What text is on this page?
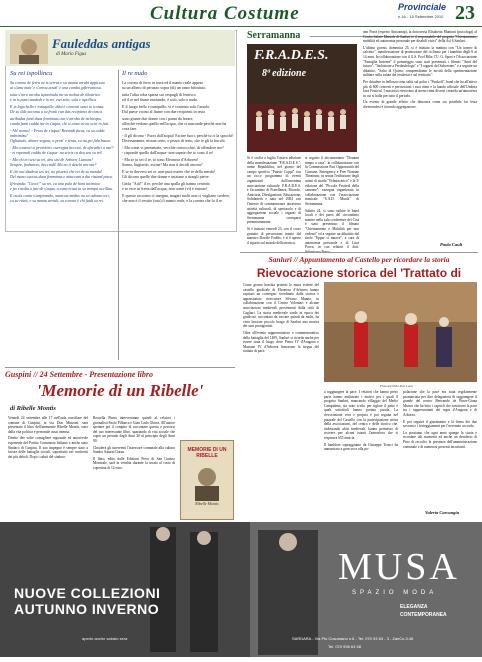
Cultura Costume	Provinciale
n.16 - 15 Settembre 2010 23
Fauleddas antigas
di Mario Figus
Su rei ispollincu	Il re nudo
Sa corona de ferru ne is serras e su mantu arrabi appiccau
ai s'umu matt' e s'arrou acudi' e una cumba gifiervanosu.
totta s'arra arrobu ispanitudu me su mobas de illastrieu
e in is pumi saudedi e in rei, esti solu, solu e ispollicu.
E in logu bella e tranquilla, ddui è contenti sezzi in iconza.
De su ilda accomu a su fronti cun das recipienti de conca
atribudas funti duas femminas cun s'arroba de ischirapu,
cundu funti cudda me in s'aqua, chi si ciuat cu na scirt in futi.
- Ah! nonno! - Feras de s'aqua! Bessindi furas, cu sa calda imbrimizu!
Ogliaindo, abiare segura, a prezi' e tenta, cu nu gei fidu bucas.
- Ma contenti si permittiri, cuevegas becciai, de aferadiri a mei?
- ei repeandi cuddu de s'aqua- nu sciris ca deu seu su rei!
- Ma chi tei sesi su rei, deu seu de Arborei Lianora!
Sempre, frabanciu, beccindi! Ma no ti deschi ancora?
E chi nui diadesa ses rei, no pistessi che rei de su mundu!
Del mano cuccus duas femminas e attaccant a dui ristand piscu.
Ifrivandu: "Gecci!" su rei, cu una pala dè bant turimiau
e po s'ardia a fari de s'aqua, u cuna ecaut in sa trompa uccillau.
E cuola contu s'ampirando, mancosi medus nu ca odiana crei,
ca su riùrà, e su mantu arriali, sa corona è chi faidi su rei.
La corona di ferro in terra ed il manto reale appeso
su un albero di peruzzo sopra (di) un ramo bifostuto.
tutta l'altra roba sparsa sui cespugli di lentisco
ed il re nel fiume nuotando, è solo, solo e nudo.
E il luogo bello e tranquillo, vi è contento solo l'assolo.
Dal paese vicino al fiume con due recipienti in testa
sono giunte due donne con i panni da lavare,
allorchè vedono quello nell'acqua, che si nasconde perchè non ha cosa fare.
- Il gli dicono - Fuori dall'acqua! Escine fuori, perchè tu ci la spacchi!
Diversamente, nissun certo, o pezzo di testo, che te gli la bucchi.
- Ma come vi permettete, vecchie convocchie, di offendere me?
- rispondè quello dall'acqua- non sapete che io sono il re!
- Ma se tu sei il re, io sono Eleonora d'Arborea!
Sonno, bugiardo, escine! Ma non ti decidi ancora?
E se tu davvero sei re, non puoi essere che re della merda!
Gli dicono quelle due donne e iniziano a tirargli pietre.
Grida "Aiii!" il re, perchè una spalla gli hanno centrato
e se esce in fretta dall'acqua, non come (vi) è entrato!
E questo racconto ci insegna, magari molti non ci vogliano credere,
che non è il vestito (suo) il manto reale, e la corona che fa il re.
Serramanna
F.R.A.D.E.S.
8ª edizione

Si è svolta a luglio l'ottava edizione della manifestazione "F.R.A.D.E.S.", nome Repubblica, nel giorno del campo sportivo "Fausto Coppi" con un ricco programma di eventi organizzati dall'omonima associazione culturale. F.R.A.D.E.S. è l'acronimo di Fratellanza, Ricordo, Amicizia, Divulgazione, Educazione, Solidarietà e nata nel 2004 con l'intento di commemorare attraverso attività culturali, di spettacolo e di aggregazione sociale i ragazzi di Serramanna scomparsi prematuramente.

Si è iniziato venerdì 23, con il corso gratuito di percussioni tenuto dal maestro Davide Foddis, e si è aperto il sipario sul mondo della musica.

si seguito il documentario "Donami tempo a casa", in collaborazione con la Commissione Pari Opportunità del Comune, Emergency e Free Nomine Theatrum; in serata l'esibizione degli artisti di strada "Velmiacarico" e la 3ª edizione del "Piccolo Festival della canzone", rassegna organizzata in collaborazione con l'associazione musicale "S.A.D. Musik" di Serramanna.

Sabato 24, si sono esibite le band locali e dei paesi del circondario mentre nella sala conferenze del Cisa è stato presentato il filmato "Orientamento e Mobilità per non vedenti" ed a seguire un dibattito dal titolo "Eppur si muove", a cura di autonomia personale e di Luca Porcu, in con relatori il dott.

ano Porrà (esperto Anisomap), la dottoressa Elisabetta Muntoni (psicologa) al Centro Salute Mentale di Sanluri) e il responsabile del progetto "Orientamento, mobilità ed autonomia personale per disabili visivi" della Asl 6 Sanluri.

L'ultimo giorno, domenica 25, si è iniziato la mattina con "Un torneo di calcetto", manifestazione di promozione del ciclismo per i bambini degli 6 ai 14 anni. In collaborazione con il G.S. Pool Bike, l'U. G. Sport e l'Associazione "Famiglia Insieme" il pomeriggio sono stati presentati, i filmati "Anni del futuro", "Inclusione a Perdasdefogu" e "I ragazzi del Saboronec" e a seguire un dibattito, "Salto di Quirra: comprendiamo le novità della sperimentazione militare sulla salute dei residenti e sul territorio".

Per chiudere in bellezza sono saliti sul palco i "Funkoff", band che ha all'attivo più di 600 concerti e percussioni i suoi ritmi e la banda ufficiale dell'Umbria Jazz Festival. I musicisti rievocano al meno ritmi diversi creando un'atmosfera in cui si balla per tutto il periodo.

Un evento di grande effetto che dimostra come sia possibile far festa divertendosi e facendo aggregazione.

Paola Cauli
Sanluri // Appuntamento al Castello per ricordare la storia
Rievocazione storica del 'Trattato di

Come giorno brachia protesti le mura esterne del castello giudicale di Eleonora d'Arborea hanno ospitato un convegno coordinato dalla storica e appassionato ricercatore Silvano Manno, in collaborazione con il Centro Volontari e alcune associazioni medievali provenienti dalla città di Cagliari. La storia medievale sardo in epoca dei giudicati, raccontata da toccare quindi da molti, ha visto lasciare piccolo borgo di Sanluri una mostra dei suoi protagonisti.

Oltre all'evento rappresentativo e commemorativo della battaglia del 1409, Sanluri si ricorda anche per essere stata il luogo dove Pietro IV d'Aragona e Mariano IV d'Arborea firmarono la tregua del trattato di pace.

Foto archivio Pro Loco

a raggiungere la pace. I relatori che hanno preso parte hanno analizzato i motivi per i quali il progetto Sanluri, mancando villaggio del Medio Campidano, sta stato scelto per siglare il patto e quali sottotitoli hanno portato parola. La rievocazione vera e propria è poi seguita nel piazzale del Castello con la partecipazione attiva della associazioni, del centro e delle storico che, indossando abiti medievali, hanno permesso di rivivere per alcuni istanti l'atmosfera che si respirava 655 anni fa.

Il hanblore sopraggiunto da Giuseppe Tronci ha annunciato a gran voce alla po-

polazione che la pace era stata regolarmente pronunciata per dire delegazioni di raggiungere il grande del nostro Bertrando de Pinos-Giana Munos che ha letto i capitoli che sancirono la pace tra i rappresentanti dei regni d'Aragona e di Arborea.

E poi seguirà il giuramento e la firma dei due sovrani e i festeggiamenti per l'avvenuto accordo.

La possiamo che ogni anno spunge la storia e ricordare tali momenti ed anche un desiderio di Pino di raccolto la presenza dell'amministrazione comunale e di numerosi presenti incuriositi.

Valeria Carcangiu
Guspini // 24 Settembre - Presentazione libro
'Memorie di un Ribelle'
di Ribelle Montis

Venerdì 24 settembre alle 17 nell'aula consiliare del comune di Guspini, in via Don Minzoni, sarà presentato il libro dell'ammonite Ribelle Montis, sono dalla vita politica e personale assai intensa.

Diretto dee volte consigliere regionale ed autorevole esponente del Partito Comunista Italiano e anche stato Sindaco di Guspini. Il suo impegno è sempre stato a favore delle battaglie sociali, soprattutto nei confronti dei più deboli. Dopo i saluti del sindaco

Rossella Pinna interverranno quindi al relatori i giornalisti Paolo Pillonca e Gian Carlo Ghirra. All'autore spettare poi il compito di raccontare questo e percorsi del suo interessante libro, spaziando di vita sociale che copre un periodo dagli Anni 20 al principio degli Anni 90.

Chiuderà gli interventi l'assessore comunale alla cultura Sandro Saturni Garau.

Il libro, edito dalle Edizioni Press di San Gavino Monreale, sarà in vendita durante la serata al costo di copertina di 12 euro.

MEMORIE DI UN RIBELLE
Ribelle Montis
NUOVE COLLEZIONI
AUTUNNO INVERNO
aperto anche sabato sera
MUSA
SPAZIO MODA
ELEGANZA
CONTEMPORANEA
SARDARA - Via Pio Cusumano n.6 - Tel. 070 93 63 - 3 - ZanCo.3.46
Tel. 070 936 63 58
